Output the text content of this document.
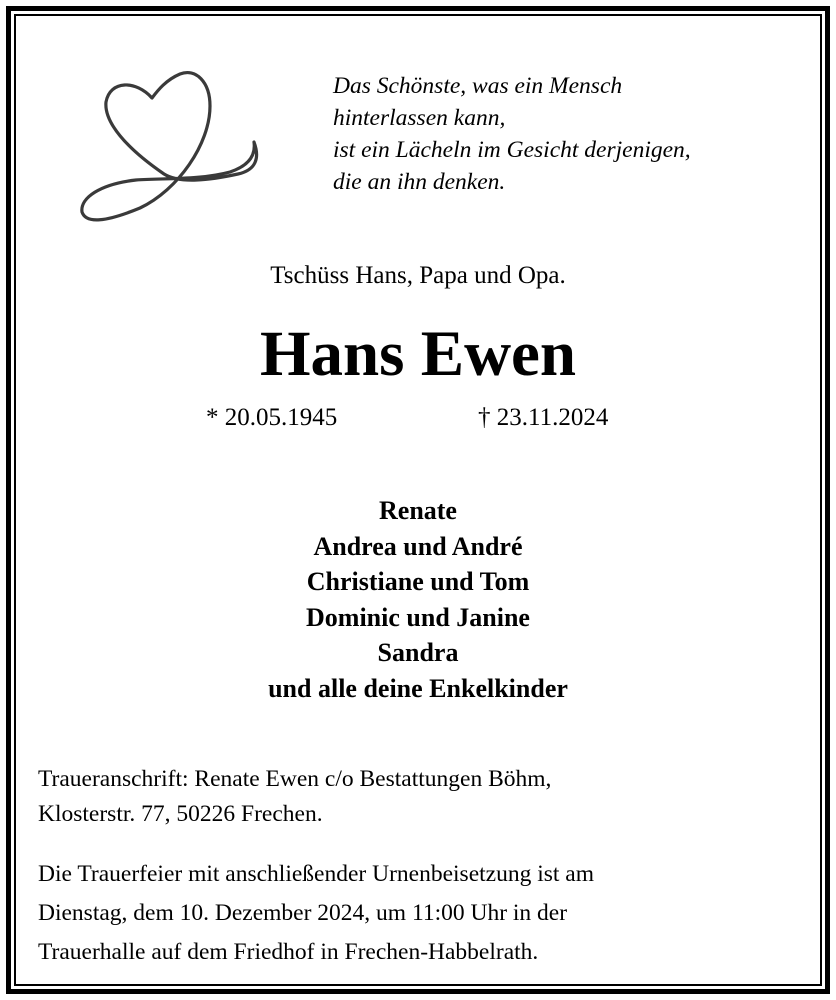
Das Schönste, was ein Mensch
hinterlassen kann,
ist ein Lächeln im Gesicht derjenigen,
die an ihn denken.
Tschüss Hans, Papa und Opa.
Hans Ewen
* 20.05.1945	† 23.11.2024
Renate
Andrea und André
Christiane und Tom
Dominic und Janine
Sandra
und alle deine Enkelkinder
Traueranschrift: Renate Ewen c/o Bestattungen Böhm,
Klosterstr. 77, 50226 Frechen.
Die Trauerfeier mit anschließender Urnenbeisetzung ist am
Dienstag, dem 10. Dezember 2024, um 11:00 Uhr in der
Trauerhalle auf dem Friedhof in Frechen-Habbelrath.
